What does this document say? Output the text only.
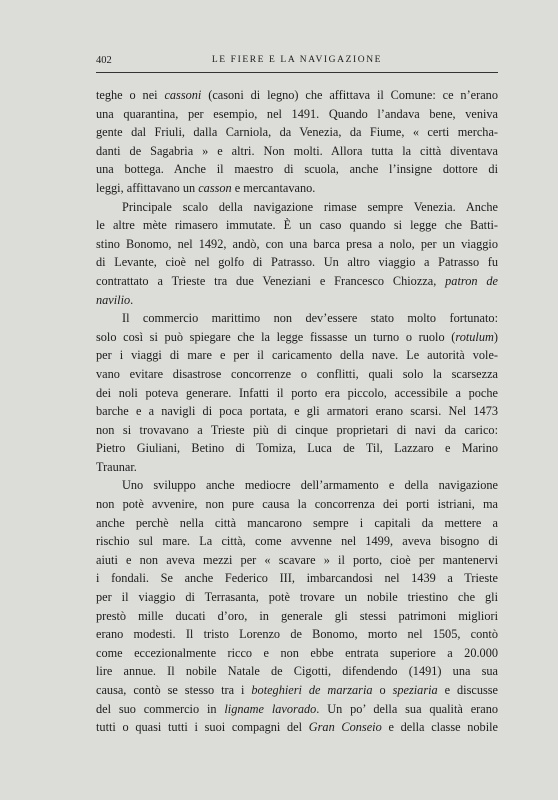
402	LE FIERE E LA NAVIGAZIONE
teghe o nei cassoni (casoni di legno) che affittava il Comune: ce n’erano
una quarantina, per esempio, nel 1491. Quando l’andava bene, veniva
gente dal Friuli, dalla Carniola, da Venezia, da Fiume, « certi mercha-
danti de Sagabria » e altri. Non molti. Allora tutta la città diventava
una bottega. Anche il maestro di scuola, anche l’insigne dottore di
leggi, affittavano un casson e mercantavano.
Principale scalo della navigazione rimase sempre Venezia. Anche
le altre mète rimasero immutate. È un caso quando si legge che Batti-
stino Bonomo, nel 1492, andò, con una barca presa a nolo, per un viaggio
di Levante, cioè nel golfo di Patrasso. Un altro viaggio a Patrasso fu
contrattato a Trieste tra due Veneziani e Francesco Chiozza, patron de
navilio.
Il commercio marittimo non dev’essere stato molto fortunato:
solo così si può spiegare che la legge fissasse un turno o ruolo (rotulum)
per i viaggi di mare e per il caricamento della nave. Le autorità vole-
vano evitare disastrose concorrenze o conflitti, quali solo la scarsezza
dei noli poteva generare. Infatti il porto era piccolo, accessibile a poche
barche e a navigli di poca portata, e gli armatori erano scarsi. Nel 1473
non si trovavano a Trieste più di cinque proprietari di navi da carico:
Pietro Giuliani, Betino di Tomiza, Luca de Til, Lazzaro e Marino
Traunar.
Uno sviluppo anche mediocre dell’armamento e della navigazione
non potè avvenire, non pure causa la concorrenza dei porti istriani, ma
anche perchè nella città mancarono sempre i capitali da mettere a
rischio sul mare. La città, come avvenne nel 1499, aveva bisogno di
aiuti e non aveva mezzi per « scavare » il porto, cioè per mantenervi
i fondali. Se anche Federico III, imbarcandosi nel 1439 a Trieste
per il viaggio di Terrasanta, potè trovare un nobile triestino che gli
prestò mille ducati d’oro, in generale gli stessi patrimoni migliori
erano modesti. Il tristo Lorenzo de Bonomo, morto nel 1505, contò
come eccezionalmente ricco e non ebbe entrata superiore a 20.000
lire annue. Il nobile Natale de Cigotti, difendendo (1491) una sua
causa, contò se stesso tra i boteghieri de marzaria o speziaria e discusse
del suo commercio in ligname lavorado. Un po’ della sua qualità erano
tutti o quasi tutti i suoi compagni del Gran Conseio e della classe nobile
